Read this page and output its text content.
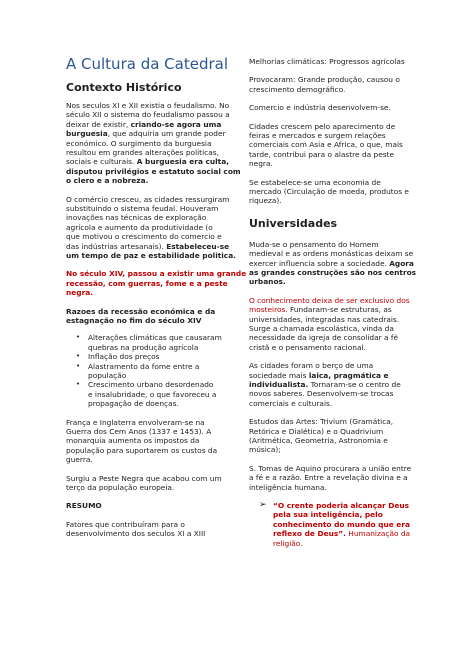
A Cultura da Catedral
Contexto Histórico
Nos seculos XI e XII existia o feudalismo. No
século XII o sistema do feudalismo passou a
deixar de existir, criando-se agora uma
burguesia, que adquiria um grande poder
económico. O surgimento da burguesia
resultou em grandes alterações politicas,
sociais e culturais. A burguesia era culta,
disputou privilégios e estatuto social com
o clero e a nobreza.
O comércio cresceu, as cidades ressurgiram
substituindo o sistema feudal. Houveram
inovações nas técnicas de exploração
agrícola e aumento da produtividade (o
que motivou o crescimento do comercio e
das indústrias artesanais). Estabeleceu-se
um tempo de paz e estabilidade politica.
No século XIV, passou a existir uma grande
recessão, com guerras, fome e a peste
negra.
Razoes da recessão económica e da
estagnação no fim do século XIV
• Alterações climáticas que causaram
quebras na produção agrícola
• Inflação dos preços
• Alastramento da fome entre a
população
• Crescimento urbano desordenado
e insalubridade, o que favoreceu a
propagação de doenças.
França e Inglaterra envolveram-se na
Guerra dos Cem Anos (1337 e 1453). A
monarquia aumenta os impostos da
população para suportarem os custos da
guerra.
Surgiu a Peste Negra que acabou com um
terço da população europeia.
RESUMO
Fatores que contribuíram para o
desenvolvimento dos seculos XI a XIII
Melhorias climáticas: Progressos agrícolas
Provocaram: Grande produção, causou o
crescimento demográfico.
Comercio e indústria desenvolvem-se.
Cidades crescem pelo aparecimento de
feiras e mercados e surgem relações
comerciais com Asia e Africa, o que, mais
tarde, contribui para o alastre da peste
negra.
Se estabelece-se uma economia de
mercado (Circulação de moeda, produtos e
riqueza).
Universidades
Muda-se o pensamento do Homem
medieval e as ordens monásticas deixam se
exercer influencia sobre a sociedade. Agora
as grandes construções são nos centros
urbanos.
O conhecimento deixa de ser exclusivo dos
mosteiros. Fundaram-se estruturas, as
universidades, integradas nas catedrais.
Surge a chamada escolástica, vinda da
necessidade da igreja de consolidar a fé
cristã e o pensamento racional.
As cidades foram o berço de uma
sociedade mais laica, pragmática e
individualista. Tornaram-se o centro de
novos saberes. Desenvolvem-se trocas
comerciais e culturais.
Estudos das Artes: Trivium (Gramática,
Retórica e Dialética) e o Quadrivium
(Aritmética, Geometria, Astronomia e
música);
S. Tomas de Aquino procurara a união entre
a fé e a razão. Entre a revelação divina e a
inteligência humana.
➢ “O crente poderia alcançar Deus
pela sua inteligência, pelo
conhecimento do mundo que era
reflexo de Deus”. Humanização da
religião.
